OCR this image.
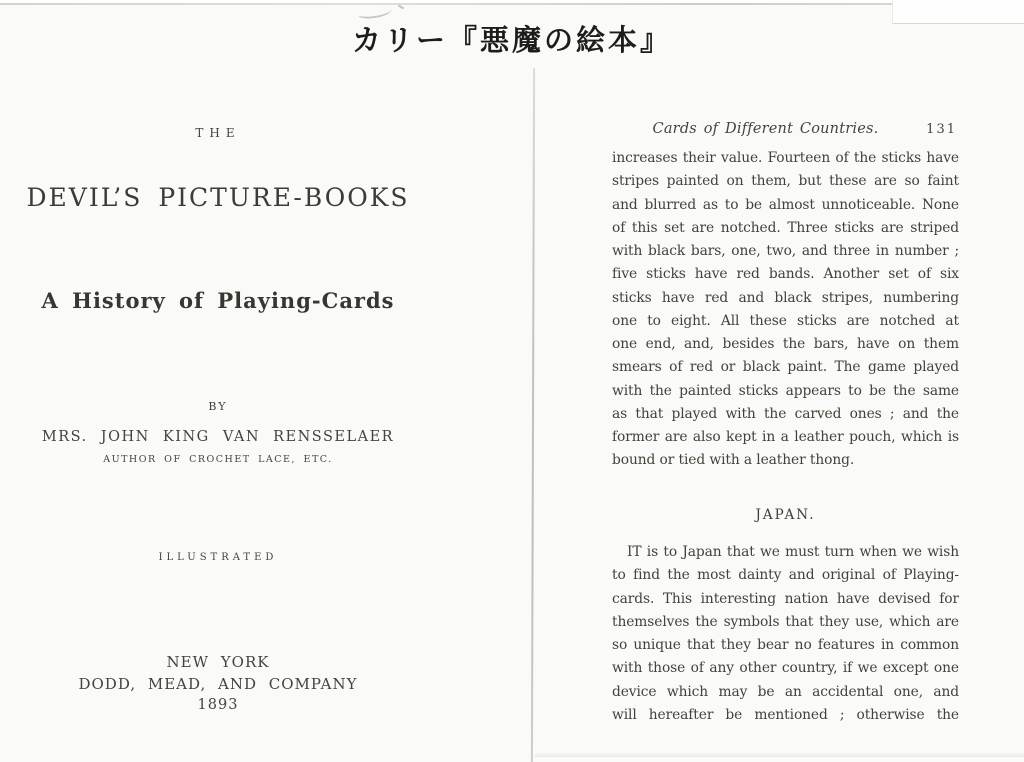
カリー『悪魔の絵本』
THE
DEVIL’S PICTURE-BOOKS
A History of Playing-Cards
BY
MRS. JOHN KING VAN RENSSELAER
AUTHOR OF CROCHET LACE, ETC.
ILLUSTRATED
NEW YORK
DODD, MEAD, AND COMPANY
1893
Cards of Different Countries.	131
increases their value. Fourteen of the sticks have
stripes painted on them, but these are so faint
and blurred as to be almost unnoticeable. None
of this set are notched. Three sticks are striped
with black bars, one, two, and three in number ;
five sticks have red bands. Another set of six
sticks have red and black stripes, numbering
one to eight. All these sticks are notched at
one end, and, besides the bars, have on them
smears of red or black paint. The game played
with the painted sticks appears to be the same
as that played with the carved ones ; and the
former are also kept in a leather pouch, which is
bound or tied with a leather thong.
JAPAN.
IT is to Japan that we must turn when we wish
to find the most dainty and original of Playing-
cards. This interesting nation have devised for
themselves the symbols that they use, which are
so unique that they bear no features in common
with those of any other country, if we except one
device which may be an accidental one, and
will hereafter be mentioned ; otherwise the
